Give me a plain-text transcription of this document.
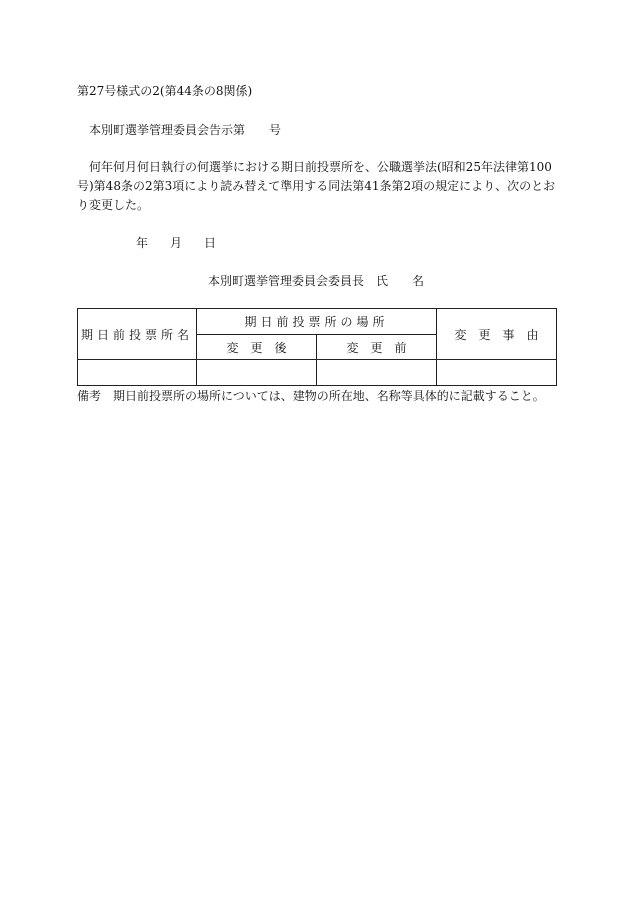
第27号様式の2(第44条の8関係)
本別町選挙管理委員会告示第　　号
何年何月何日執行の何選挙における期日前投票所を、公職選挙法(昭和25年法律第100号)第48条の2第3項により読み替えて準用する同法第41条第2項の規定により、次のとおり変更した。
年 月 日
本別町選挙管理委員会委員長　氏　　名
期日前投票所名	期日前投票所の場所		変　更　事　由
	変　更　後	変　更　前	

備考　期日前投票所の場所については、建物の所在地、名称等具体的に記載すること。
